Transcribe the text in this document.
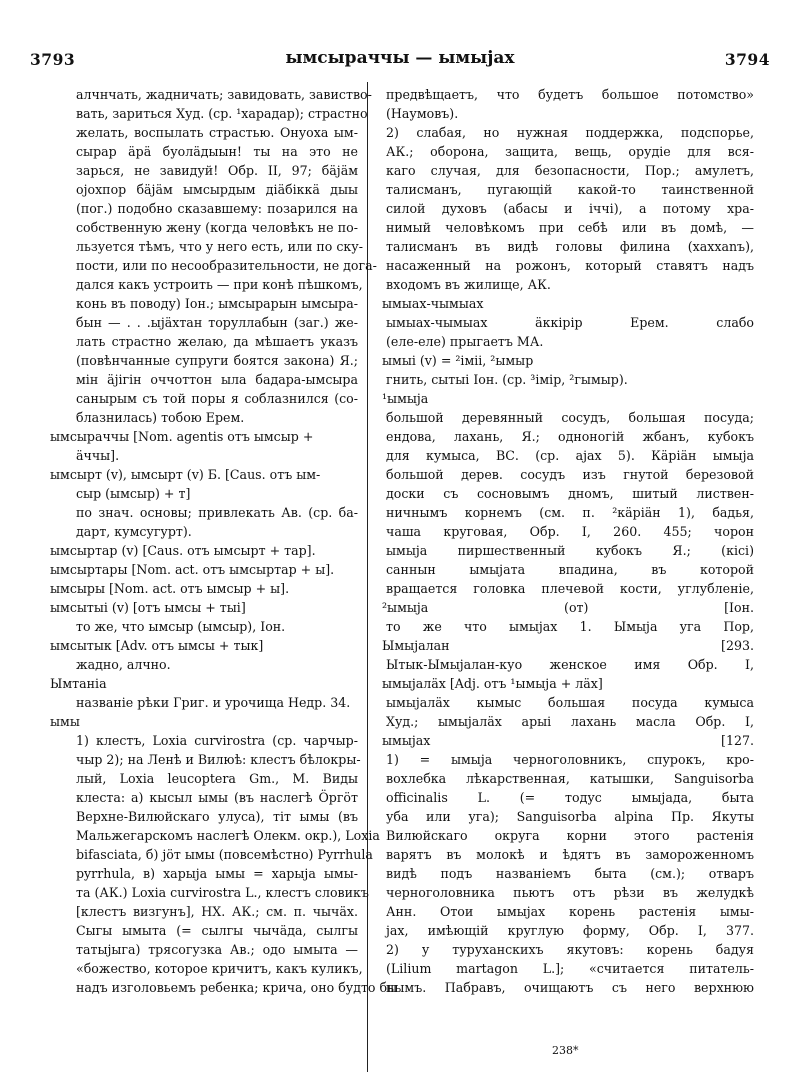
3793	ымсыраччы — ымыjах	3794
алчнчать, жадничать; завидовать, завиство-
вать, зариться Худ. (ср. ¹харадар); страстно
желать, воспылать страстью. Онуоха ым-
сырар äpä буолäдыын! ты на это не
зарься, не завидуй! Обр. II, 97; бäjäм
ojохпор бäjäм ымсырдым дiäбiккä дыы
(пог.) подобно сказавшему: позарился на
собственную жену (когда человѣкъ не по-
льзуется тѣмъ, что у него есть, или по ску-
пости, или по несообразительности, не дога-
дался какъ устроить — при конѣ пѣшкомъ,
конь въ поводу) Іон.; ымсырарын ымсыра-
бын — . . .ыjäхтан торуллабын (заг.) же-
лать страстно желаю, да мѣшаетъ указъ
(повѣнчанные супруги боятся закона) Я.;
мiн äjiгiн оччоттон ыла бадара-ымсыра
санырым съ той поры я соблазнился (со-
блазнилась) тобою Ерем.
ымсыраччы [Nom. agentis отъ ымсыр +
äччы].
ымсырт (v), ымсырт (v) Б. [Caus. отъ ым-
сыр (ымсыр) + т]
по знач. основы; привлекать Ав. (ср. ба-
дарт, кумсугурт).
ымсыртар (v) [Caus. отъ ымсырт + тар].
ымсыртары [Nom. act. отъ ымсыртар + ы].
ымсыры [Nom. act. отъ ымсыр + ы].
ымсытыі (v) [отъ ымсы + тыі]
то же, что ымсыр (ымсыр), Іон.
ымсытык [Adv. отъ ымсы + тык]
жадно, алчно.
Ымтаніа
названіе рѣки Григ. и урочища Недр. 34.
ымы
1) клестъ, Loxia curvirostra (ср. чарчыр-
чыр 2); на Ленѣ и Вилюѣ: клестъ бѣлокры-
лый, Loxia leucoptera Gm., М. Виды
клеста: а) кысыл ымы (въ наслегѣ Öргöт
Верхне-Вилюйскаго улуса), тiт ымы (въ
Мальжегарскомъ наслегѣ Олекм. окр.), Loxia
bifasciata, б) jöт ымы (повсемѣстно) Pyrrhula
pyrrhula, в) харыja ымы = харыja ымы-
та (АК.) Loxia curvirostra L., клестъ словикъ
[клестъ визгунъ], НХ. АК.; см. п. чычäх.
Сыгы ымыта (= сылгы чычäда, сылгы
татыjыга) трясогузка Ав.; одо ымыта —
«божество, которое кричитъ, какъ куликъ,
надъ изголовьемъ ребенка; крича, оно будто бы
предвѣщаетъ, что будетъ большое потомство»
(Наумовъ).
2) слабая, но нужная поддержка, подспорье,
АК.; оборона, защита, вещь, орудіе для вся-
каго случая, для безопасности, Пор.; амулетъ,
талисманъ, пугающій какой-то таинственной
силой духовъ (абасы и iччi), а потому хра-
нимый человѣкомъ при себѣ или въ домѣ, —
талисманъ въ видѣ головы филина (хаххаnъ),
насаженный на рожонъ, который ставятъ надъ
входомъ въ жилище, АК.
ымыах-чымыах
ымыах-чымыах äккiрiр Ерем. слабо
(еле-еле) прыгаетъ МА.
ымыі (v) = ²iмii, ²ымыр
гнить, сытыі Іон. (ср. ³iмiр, ²гымыр).
¹ымыjа
большой деревянный сосудъ, большая посуда;
ендова, лахань, Я.; одноногій жбанъ, кубокъ
для кумыса, ВС. (ср. аjах 5). Кäрiäн ымыjа
большой дерев. сосудъ изъ гнутой березовой
доски съ сосновымъ дномъ, шитый листвен-
ничнымъ корнемъ (см. п. ²кäрiäн 1), бадья,
чаша круговая, Обр. I, 260. 455; чорон
ымыjа пиршественный кубокъ Я.; (кiсi)
саннын ымыjата впадина, въ которой
вращается головка плечевой кости, углубленіе,
²ымыjа (от) [Іон.
то же что ымыjах 1. Ымыjа уга Пор,
Ымыjалан [293.
Ытык-Ымыjалан-куо женское имя Обр. I,
ымыjалäх [Adj. отъ ¹ымыjа + лäх]
ымыjалäх кымыс большая посуда кумыса
Худ.; ымыjалäх арыі лахань масла Обр. I,
ымыjах [127.
1) = ымыjа черноголовникъ, спурокъ, кро-
вохлебка лѣкарственная, катышки, Sanguisorba
officinalis L. (= тодус ымыjада, быта
уба или уга); Sanguisorba alpina Пр. Якуты
Вилюйскаго округа корни этого растенія
варятъ въ молокѣ и ѣдятъ въ замороженномъ
видѣ подъ названіемъ быта (см.); отваръ
черноголовника пьютъ отъ рѣзи въ желудкѣ
Анн. Отои ымыjах корень растенія ымы-
jах, имѣющій круглую форму, Обр. I, 377.
2) у туруханскихъ якутовъ: корень бадуя
(Lilium martagon L.]; «считается питатель-
нымъ. Пабравъ, очищаютъ съ него верхнюю
238*
